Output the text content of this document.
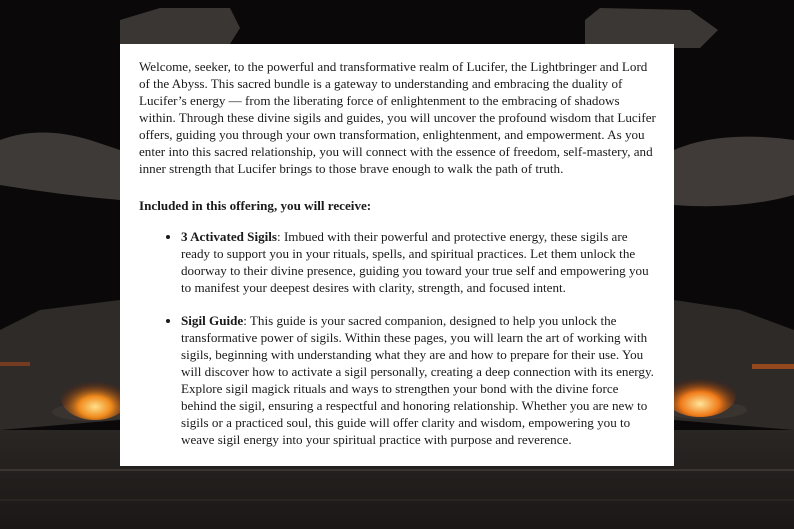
Welcome, seeker, to the powerful and transformative realm of Lucifer, the Lightbringer and Lord of the Abyss. This sacred bundle is a gateway to understanding and embracing the duality of Lucifer’s energy — from the liberating force of enlightenment to the embracing of shadows within. Through these divine sigils and guides, you will uncover the profound wisdom that Lucifer offers, guiding you through your own transformation, enlightenment, and empowerment. As you enter into this sacred relationship, you will connect with the essence of freedom, self-mastery, and inner strength that Lucifer brings to those brave enough to walk the path of truth.

Included in this offering, you will receive:

• 3 Activated Sigils: Imbued with their powerful and protective energy, these sigils are ready to support you in your rituals, spells, and spiritual practices. Let them unlock the doorway to their divine presence, guiding you toward your true self and empowering you to manifest your deepest desires with clarity, strength, and focused intent.
• Sigil Guide: This guide is your sacred companion, designed to help you unlock the transformative power of sigils. Within these pages, you will learn the art of working with sigils, beginning with understanding what they are and how to prepare for their use. You will discover how to activate a sigil personally, creating a deep connection with its energy. Explore sigil magick rituals and ways to strengthen your bond with the divine force behind the sigil, ensuring a respectful and honoring relationship. Whether you are new to sigils or a practiced soul, this guide will offer clarity and wisdom, empowering you to weave sigil energy into your spiritual practice with purpose and reverence.
